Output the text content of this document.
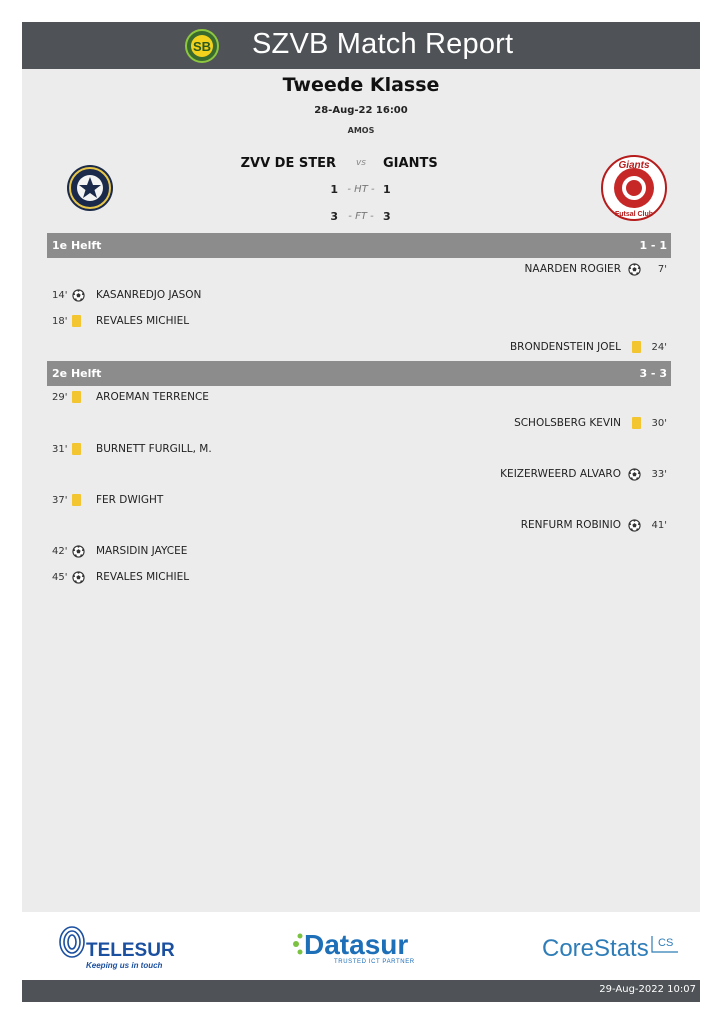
SB SZVB Match Report
Tweede Klasse
28-Aug-22 16:00
AMOS
ZVV DE STER	vs	GIANTS
1 - HT - 1
3	- FT - 3
Giants
Futsal Club
1e Helft	1 - 1
NAARDEN ROGIER	7'
14'	KASANREDJO JASON
18'	REVALES MICHIEL
BRONDENSTEIN JOEL	24'
2e Helft	3 - 3
29'	AROEMAN TERRENCE
SCHOLSBERG KEVIN	30'
31'	BURNETT FURGILL, M.
KEIZERWEERD ALVARO	33'
37'	FER DWIGHT
RENFURM ROBINIO	41'
42'	MARSIDIN JAYCEE
45'	REVALES MICHIEL
TELESUR
Keeping us in touch
Datasur
TRUSTED ICT PARTNER	CoreStats CS
29-Aug-2022 10:07
